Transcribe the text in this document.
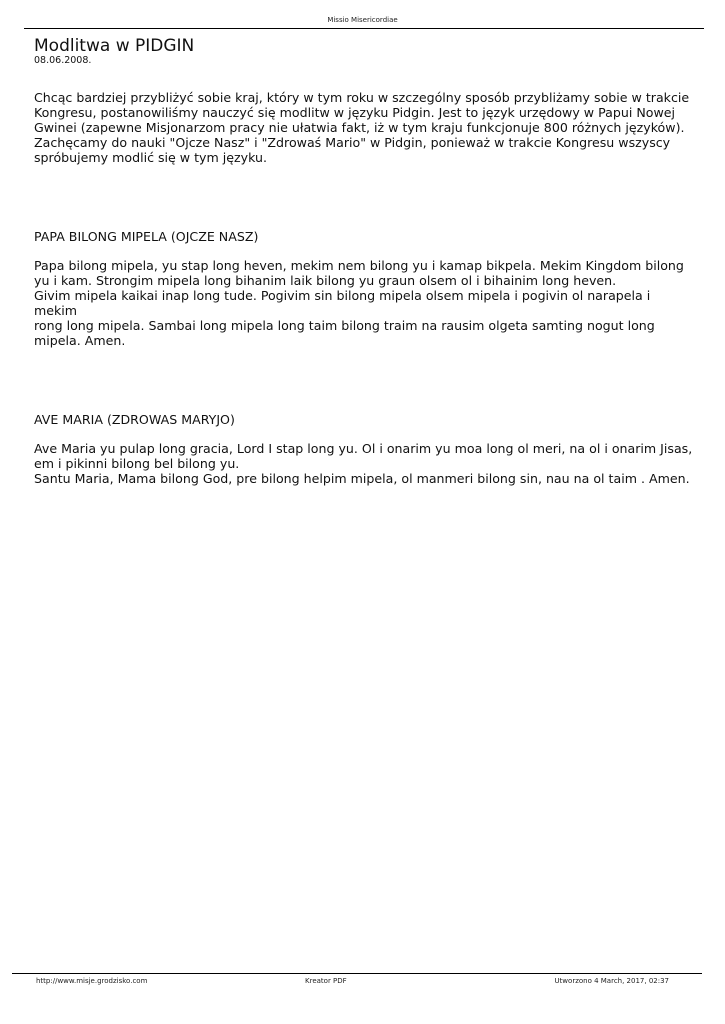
Missio Misericordiae
Modlitwa w PIDGIN
08.06.2008.

Chcąc bardziej przybliżyć sobie kraj, który w tym roku w szczególny sposób przybliżamy sobie w trakcie
Kongresu, postanowiliśmy nauczyć się modlitw w języku Pidgin. Jest to język urzędowy w Papui Nowej
Gwinei (zapewne Misjonarzom pracy nie ułatwia fakt, iż w tym kraju funkcjonuje 800 różnych języków).
Zachęcamy do nauki "Ojcze Nasz" i "Zdrowaś Mario" w Pidgin, ponieważ w trakcie Kongresu wszyscy
spróbujemy modlić się w tym języku.

PAPA BILONG MIPELA (OJCZE NASZ)

Papa bilong mipela, yu stap long heven, mekim nem bilong yu i kamap bikpela. Mekim Kingdom bilong
yu i kam. Strongim mipela long bihanim laik bilong yu graun olsem ol i bihainim long heven.
Givim mipela kaikai inap long tude. Pogivim sin bilong mipela olsem mipela i pogivin ol narapela i mekim
rong long mipela. Sambai long mipela long taim bilong traim na rausim olgeta samting nogut long
mipela. Amen.

AVE MARIA (ZDROWAS MARYJO)

Ave Maria yu pulap long gracia, Lord I stap long yu. Ol i onarim yu moa long ol meri, na ol i onarim Jisas,
em i pikinni bilong bel bilong yu.
Santu Maria, Mama bilong God, pre bilong helpim mipela, ol manmeri bilong sin, nau na ol taim . Amen.

http://www.misje.grodzisko.com	Kreator PDF	Utworzono 4 March, 2017, 02:37
